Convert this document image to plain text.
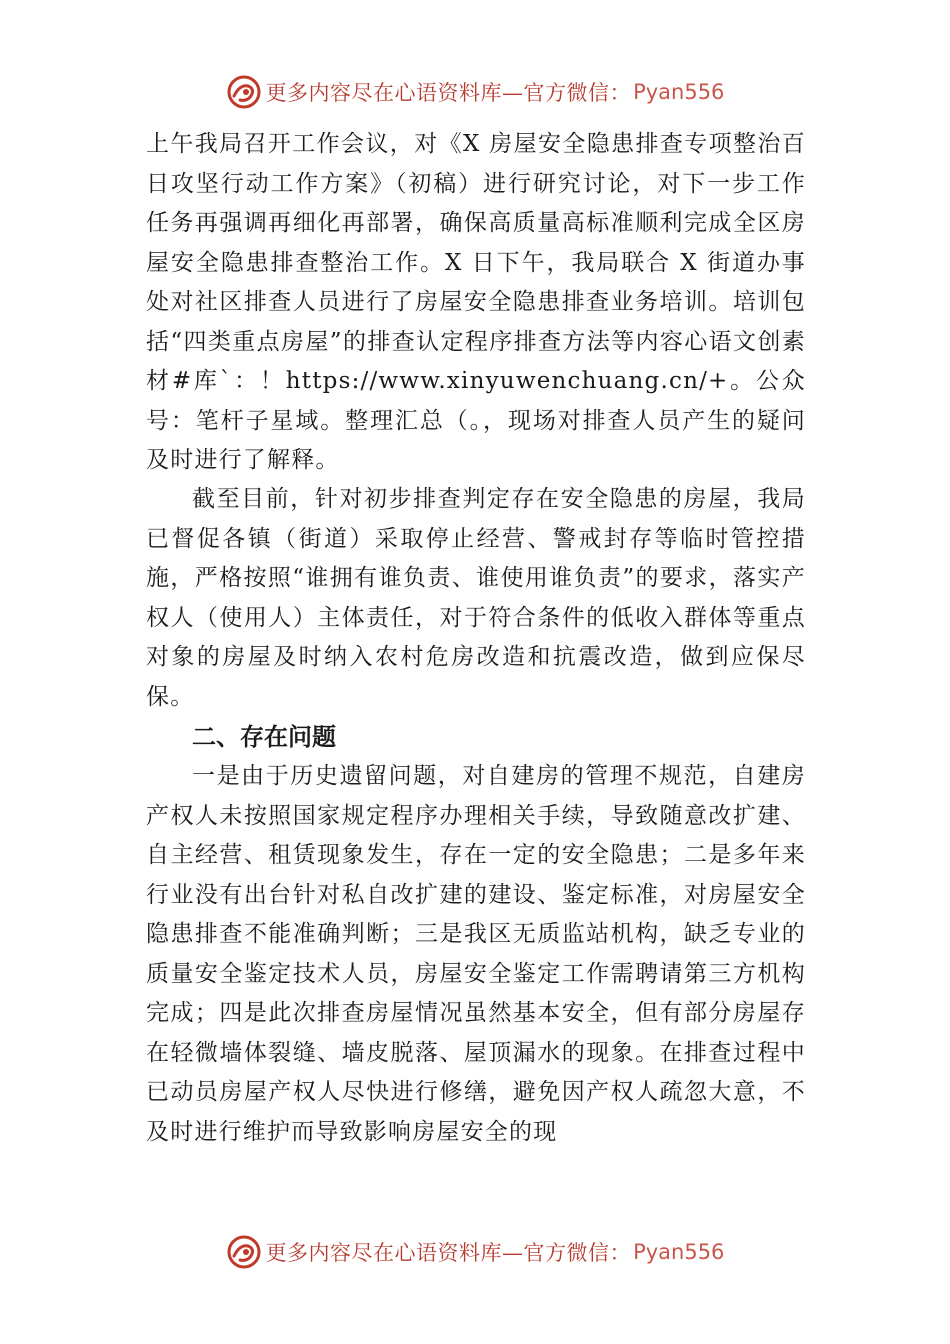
更多内容尽在心语资料库—官方微信： Pyan556

上午我局召开工作会议，对《X 房屋安全隐患排查专项整治百日攻坚行动工作方案》（初稿）进行研究讨论，对下一步工作任务再强调再细化再部署，确保高质量高标准顺利完成全区房屋安全隐患排查整治工作。X 日下午，我局联合 X 街道办事处对社区排查人员进行了房屋安全隐患排查业务培训。培训包括“四类重点房屋”的排查认定程序排查方法等内容心语文创素材#库`：！https://www.xinyuwenchuang.cn/+。公众号：笔杆子星域。整理汇总（。，现场对排查人员产生的疑问及时进行了解释。

截至目前，针对初步排查判定存在安全隐患的房屋，我局已督促各镇（街道）采取停止经营、警戒封存等临时管控措施，严格按照“谁拥有谁负责、谁使用谁负责”的要求，落实产权人（使用人）主体责任，对于符合条件的低收入群体等重点对象的房屋及时纳入农村危房改造和抗震改造，做到应保尽保。

二、存在问题

一是由于历史遗留问题，对自建房的管理不规范，自建房产权人未按照国家规定程序办理相关手续，导致随意改扩建、自主经营、租赁现象发生，存在一定的安全隐患；二是多年来行业没有出台针对私自改扩建的建设、鉴定标准，对房屋安全隐患排查不能准确判断；三是我区无质监站机构，缺乏专业的质量安全鉴定技术人员，房屋安全鉴定工作需聘请第三方机构完成；四是此次排查房屋情况虽然基本安全，但有部分房屋存在轻微墙体裂缝、墙皮脱落、屋顶漏水的现象。在排查过程中已动员房屋产权人尽快进行修缮，避免因产权人疏忽大意，不及时进行维护而导致影响房屋安全的现

更多内容尽在心语资料库—官方微信： Pyan556
